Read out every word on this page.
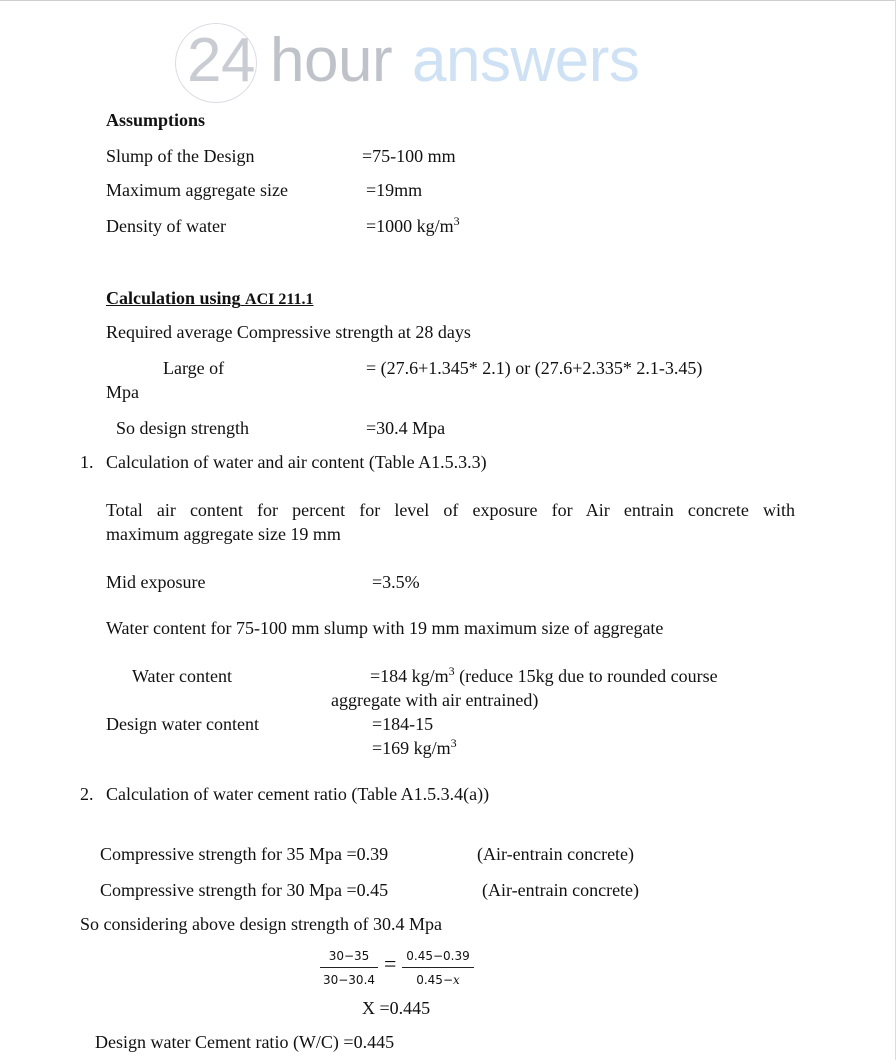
24 hour answers
Assumptions
Slump of the Design	=75-100 mm
Maximum aggregate size	=19mm
Density of water	=1000 $kg/m^3$
Calculation using ACI 211.1
Required average Compressive strength at 28 days
Large of	= (27.6+1.345* 2.1) or (27.6+2.335* 2.1-3.45)
Mpa
So design strength	=30.4 Mpa
1. Calculation of water and air content (Table A1.5.3.3)
Total air content for percent for level of exposure for Air entrain concrete with
maximum aggregate size 19 mm
Mid exposure	=3.5%
Water content for 75-100 mm slump with 19 mm maximum size of aggregate
Water content	=184 $kg/m^3$ (reduce 15kg due to rounded course
aggregate with air entrained)
Design water content	=184-15
=169 $kg/m^3$
2. Calculation of water cement ratio (Table A1.5.3.4(a))
Compressive strength for 35 Mpa =0.39	(Air-entrain concrete)
Compressive strength for 30 Mpa =0.45	(Air-entrain concrete)
So considering above design strength of 30.4 Mpa
30−35
30−30.4
= 0.45−0.39
0.45−x
X =0.445
Design water Cement ratio (W/C) =0.445
